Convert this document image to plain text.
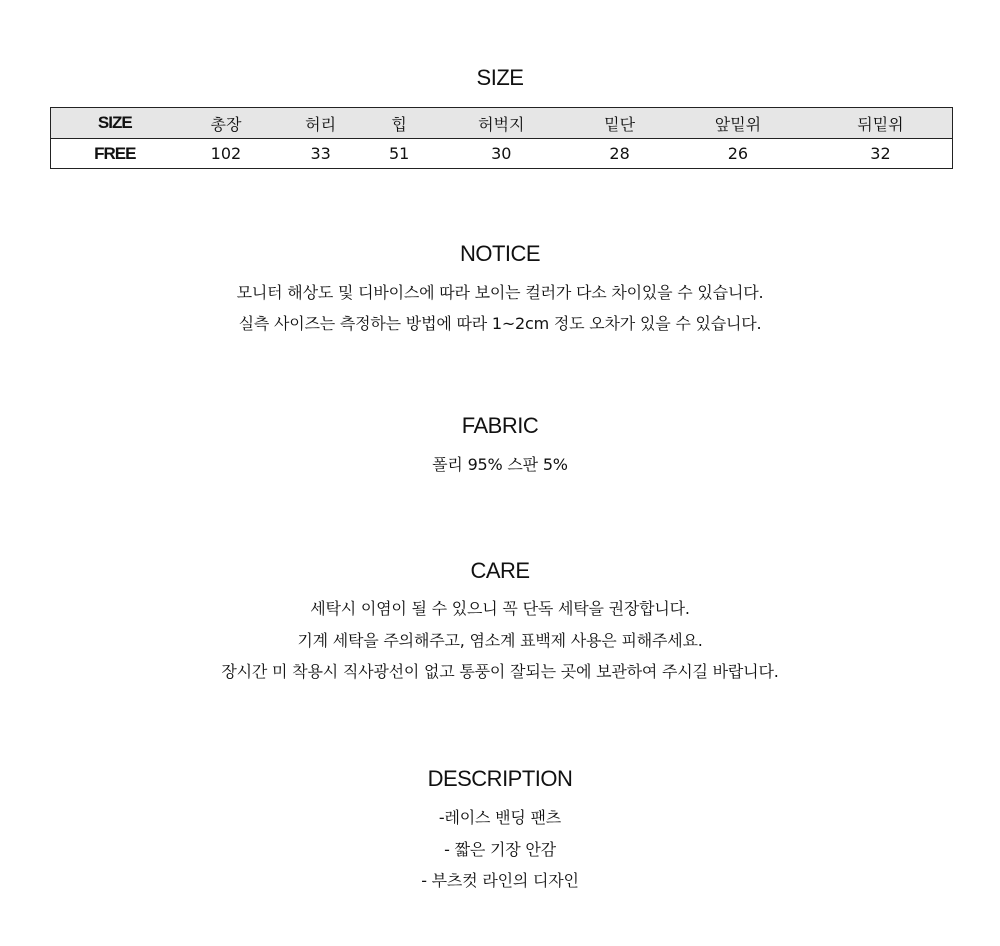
SIZE
SIZE	총장	허리	힙	허벅지	밑단	앞밑위	뒤밑위
FREE	102	33	51	30	28	26	32
NOTICE

모니터 해상도 및 디바이스에 따라 보이는 컬러가 다소 차이있을 수 있습니다.

실측 사이즈는 측정하는 방법에 따라 1~2cm 정도 오차가 있을 수 있습니다.

FABRIC

폴리 95% 스판 5%

CARE

세탁시 이염이 될 수 있으니 꼭 단독 세탁을 권장합니다.

기계 세탁을 주의해주고, 염소계 표백제 사용은 피해주세요.

장시간 미 착용시 직사광선이 없고 통풍이 잘되는 곳에 보관하여 주시길 바랍니다.

DESCRIPTION

-레이스 밴딩 팬츠

- 짧은 기장 안감

- 부츠컷 라인의 디자인
